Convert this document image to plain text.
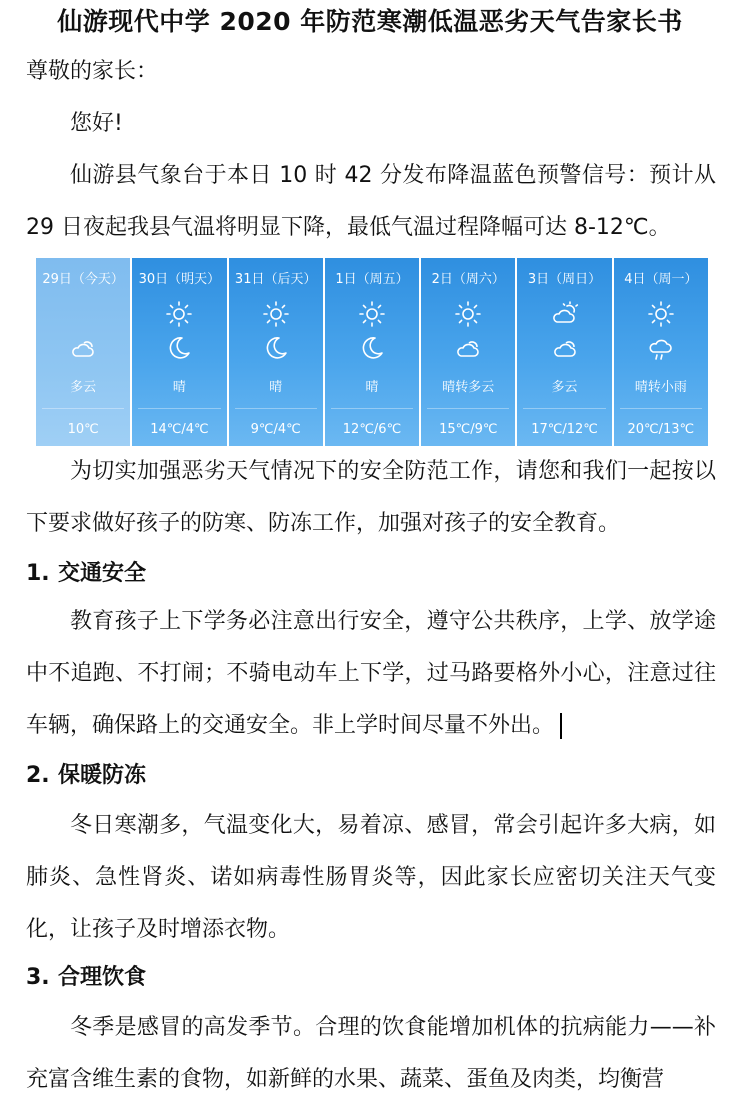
仙游现代中学 2020 年防范寒潮低温恶劣天气告家长书

尊敬的家长：

您好!

仙游县气象台于本日 10 时 42 分发布降温蓝色预警信号：预计从29 日夜起我县气温将明显下降，最低气温过程降幅可达 8-12℃。

29日（今天）
多云
10℃
30日（明天）
晴
14℃/4℃
31日（后天）
晴
9℃/4℃
1日（周五）
晴
12℃/6℃
2日（周六）
晴转多云
15℃/9℃
3日（周日）
多云
17℃/12℃
4日（周一）
晴转小雨
20℃/13℃

为切实加强恶劣天气情况下的安全防范工作，请您和我们一起按以下要求做好孩子的防寒、防冻工作，加强对孩子的安全教育。

1. 交通安全

教育孩子上下学务必注意出行安全，遵守公共秩序，上学、放学途中不追跑、不打闹；不骑电动车上下学，过马路要格外小心，注意过往车辆，确保路上的交通安全。非上学时间尽量不外出。

2. 保暖防冻

冬日寒潮多，气温变化大，易着凉、感冒，常会引起许多大病，如肺炎、急性肾炎、诺如病毒性肠胃炎等，因此家长应密切关注天气变化，让孩子及时增添衣物。

3. 合理饮食

冬季是感冒的高发季节。合理的饮食能增加机体的抗病能力——补充富含维生素的食物，如新鲜的水果、蔬菜、蛋鱼及肉类，均衡营
